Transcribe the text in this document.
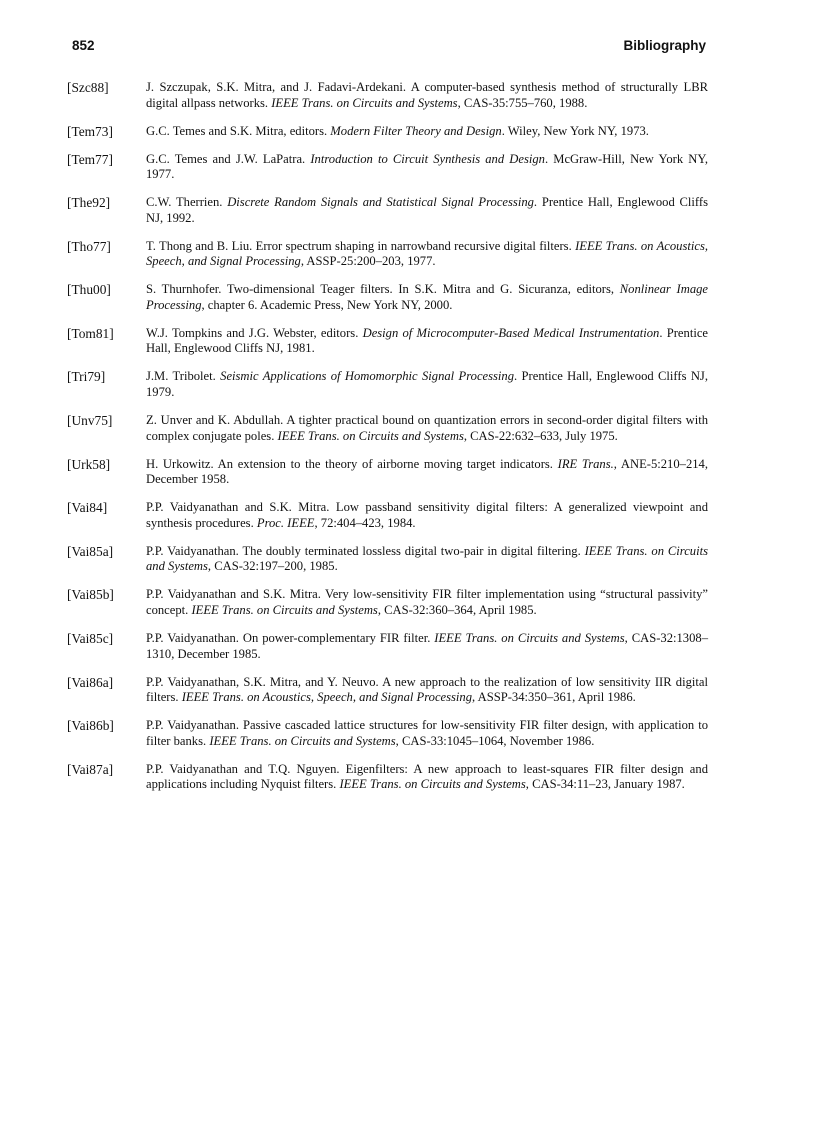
852	Bibliography
[Szc88]	J. Szczupak, S.K. Mitra, and J. Fadavi-Ardekani. A computer-based synthesis method of structurally LBR digital allpass networks. IEEE Trans. on Circuits and Systems, CAS-35:755–760, 1988.
[Tem73]	G.C. Temes and S.K. Mitra, editors. Modern Filter Theory and Design. Wiley, New York NY, 1973.
[Tem77]	G.C. Temes and J.W. LaPatra. Introduction to Circuit Synthesis and Design. McGraw-Hill, New York NY, 1977.
[The92]	C.W. Therrien. Discrete Random Signals and Statistical Signal Processing. Prentice Hall, Englewood Cliffs NJ, 1992.
[Tho77]	T. Thong and B. Liu. Error spectrum shaping in narrowband recursive digital filters. IEEE Trans. on Acoustics, Speech, and Signal Processing, ASSP-25:200–203, 1977.
[Thu00]	S. Thurnhofer. Two-dimensional Teager filters. In S.K. Mitra and G. Sicuranza, editors, Nonlinear Image Processing, chapter 6. Academic Press, New York NY, 2000.
[Tom81]	W.J. Tompkins and J.G. Webster, editors. Design of Microcomputer-Based Medical Instrumentation. Prentice Hall, Englewood Cliffs NJ, 1981.
[Tri79]	J.M. Tribolet. Seismic Applications of Homomorphic Signal Processing. Prentice Hall, Englewood Cliffs NJ, 1979.
[Unv75]	Z. Unver and K. Abdullah. A tighter practical bound on quantization errors in second-order digital filters with complex conjugate poles. IEEE Trans. on Circuits and Systems, CAS-22:632–633, July 1975.
[Urk58]	H. Urkowitz. An extension to the theory of airborne moving target indicators. IRE Trans., ANE-5:210–214, December 1958.
[Vai84]	P.P. Vaidyanathan and S.K. Mitra. Low passband sensitivity digital filters: A generalized viewpoint and synthesis procedures. Proc. IEEE, 72:404–423, 1984.
[Vai85a]	P.P. Vaidyanathan. The doubly terminated lossless digital two-pair in digital filtering. IEEE Trans. on Circuits and Systems, CAS-32:197–200, 1985.
[Vai85b]	P.P. Vaidyanathan and S.K. Mitra. Very low-sensitivity FIR filter implementation using “structural passivity” concept. IEEE Trans. on Circuits and Systems, CAS-32:360–364, April 1985.
[Vai85c]	P.P. Vaidyanathan. On power-complementary FIR filter. IEEE Trans. on Circuits and Systems, CAS-32:1308–1310, December 1985.
[Vai86a]	P.P. Vaidyanathan, S.K. Mitra, and Y. Neuvo. A new approach to the realization of low sensitivity IIR digital filters. IEEE Trans. on Acoustics, Speech, and Signal Processing, ASSP-34:350–361, April 1986.
[Vai86b]	P.P. Vaidyanathan. Passive cascaded lattice structures for low-sensitivity FIR filter design, with application to filter banks. IEEE Trans. on Circuits and Systems, CAS-33:1045–1064, November 1986.
[Vai87a]	P.P. Vaidyanathan and T.Q. Nguyen. Eigenfilters: A new approach to least-squares FIR filter design and applications including Nyquist filters. IEEE Trans. on Circuits and Systems, CAS-34:11–23, January 1987.
